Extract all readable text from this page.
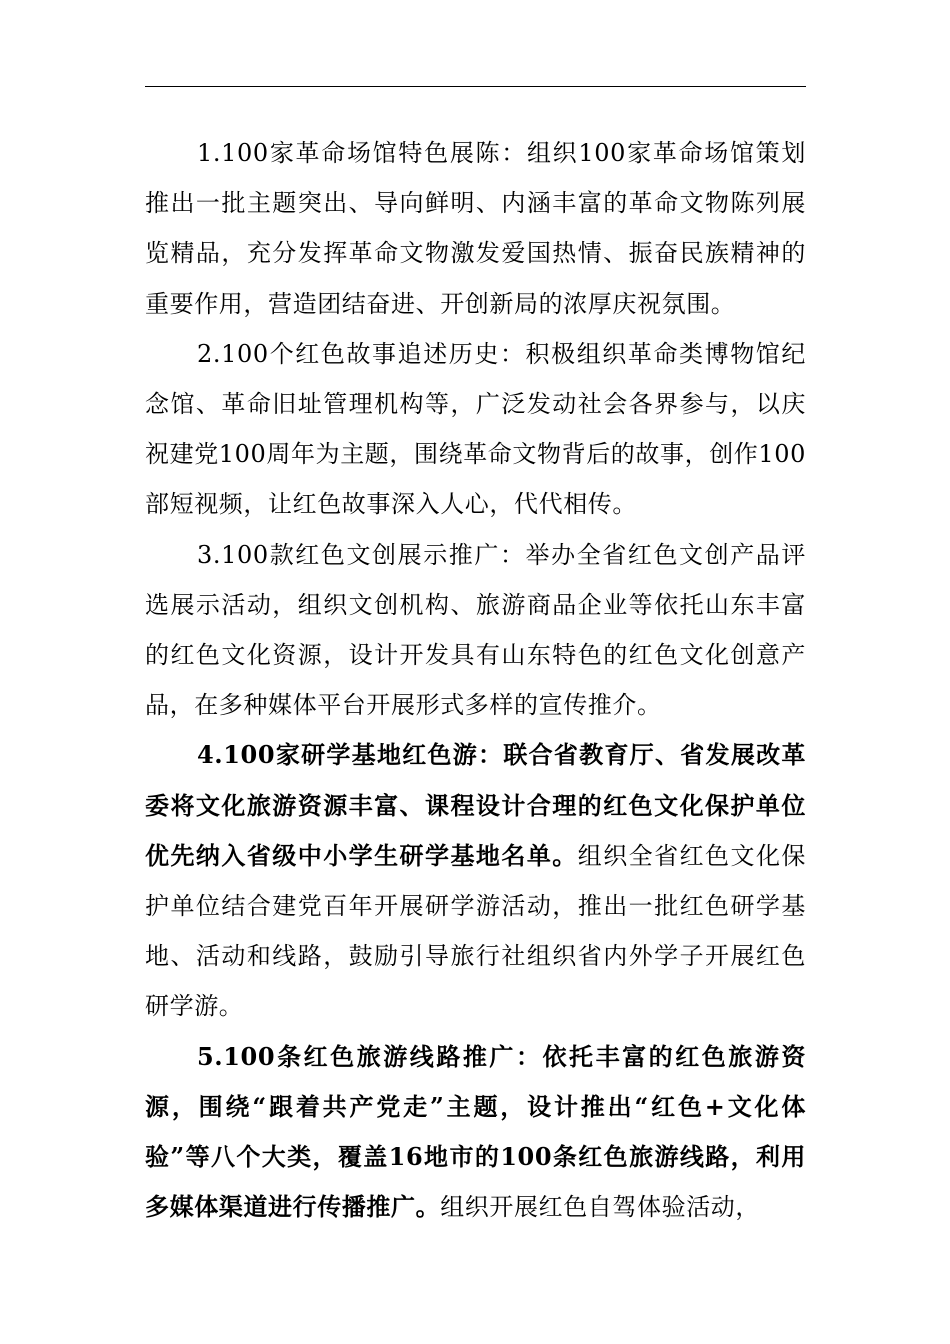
1.100家革命场馆特色展陈：组织100家革命场馆策划推出一批主题突出、导向鲜明、内涵丰富的革命文物陈列展览精品，充分发挥革命文物激发爱国热情、振奋民族精神的重要作用，营造团结奋进、开创新局的浓厚庆祝氛围。

2.100个红色故事追述历史：积极组织革命类博物馆纪念馆、革命旧址管理机构等，广泛发动社会各界参与，以庆祝建党100周年为主题，围绕革命文物背后的故事，创作100部短视频，让红色故事深入人心，代代相传。

3.100款红色文创展示推广：举办全省红色文创产品评选展示活动，组织文创机构、旅游商品企业等依托山东丰富的红色文化资源，设计开发具有山东特色的红色文化创意产品，在多种媒体平台开展形式多样的宣传推介。

4.100家研学基地红色游：联合省教育厅、省发展改革委将文化旅游资源丰富、课程设计合理的红色文化保护单位优先纳入省级中小学生研学基地名单。组织全省红色文化保护单位结合建党百年开展研学游活动，推出一批红色研学基地、活动和线路，鼓励引导旅行社组织省内外学子开展红色研学游。

5.100条红色旅游线路推广：依托丰富的红色旅游资源，围绕“跟着共产党走”主题，设计推出“红色+文化体验”等八个大类，覆盖16地市的100条红色旅游线路，利用多媒体渠道进行传播推广。组织开展红色自驾体验活动，
